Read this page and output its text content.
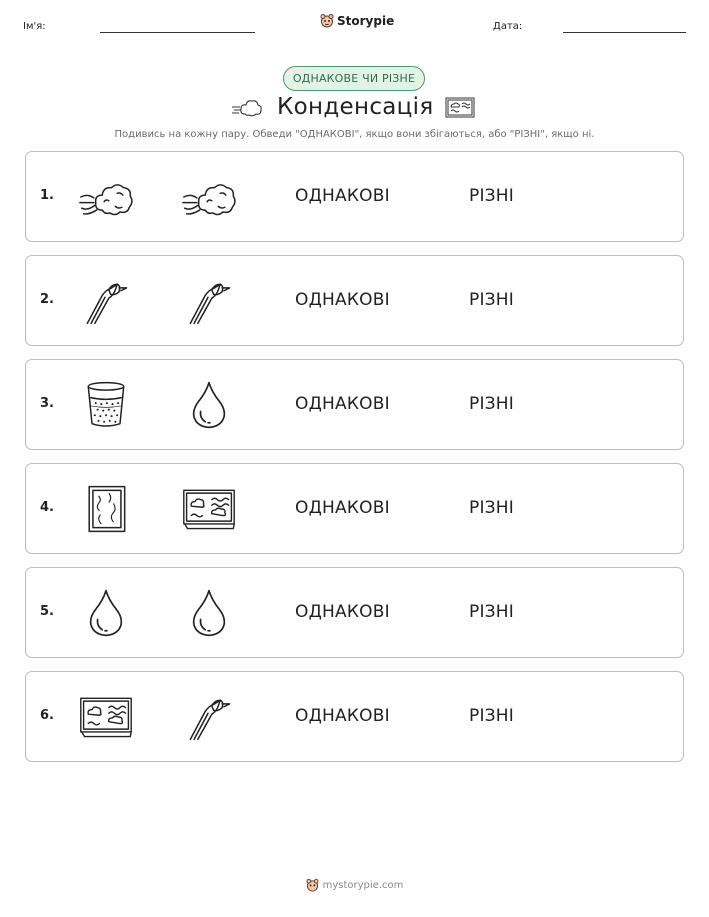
Ім'я:	Storypie	Дата:
ОДНАКОВЕ ЧИ РІЗНЕ
Конденсація
Подивись на кожну пару. Обведи "ОДНАКОВІ", якщо вони збігаються, або "РІЗНІ", якщо ні.
1.	ОДНАКОВІ	РІЗНІ
2.	ОДНАКОВІ	РІЗНІ
3.	ОДНАКОВІ	РІЗНІ
4.	ОДНАКОВІ	РІЗНІ
5.	ОДНАКОВІ	РІЗНІ
6.	ОДНАКОВІ	РІЗНІ
mystorypie.com
